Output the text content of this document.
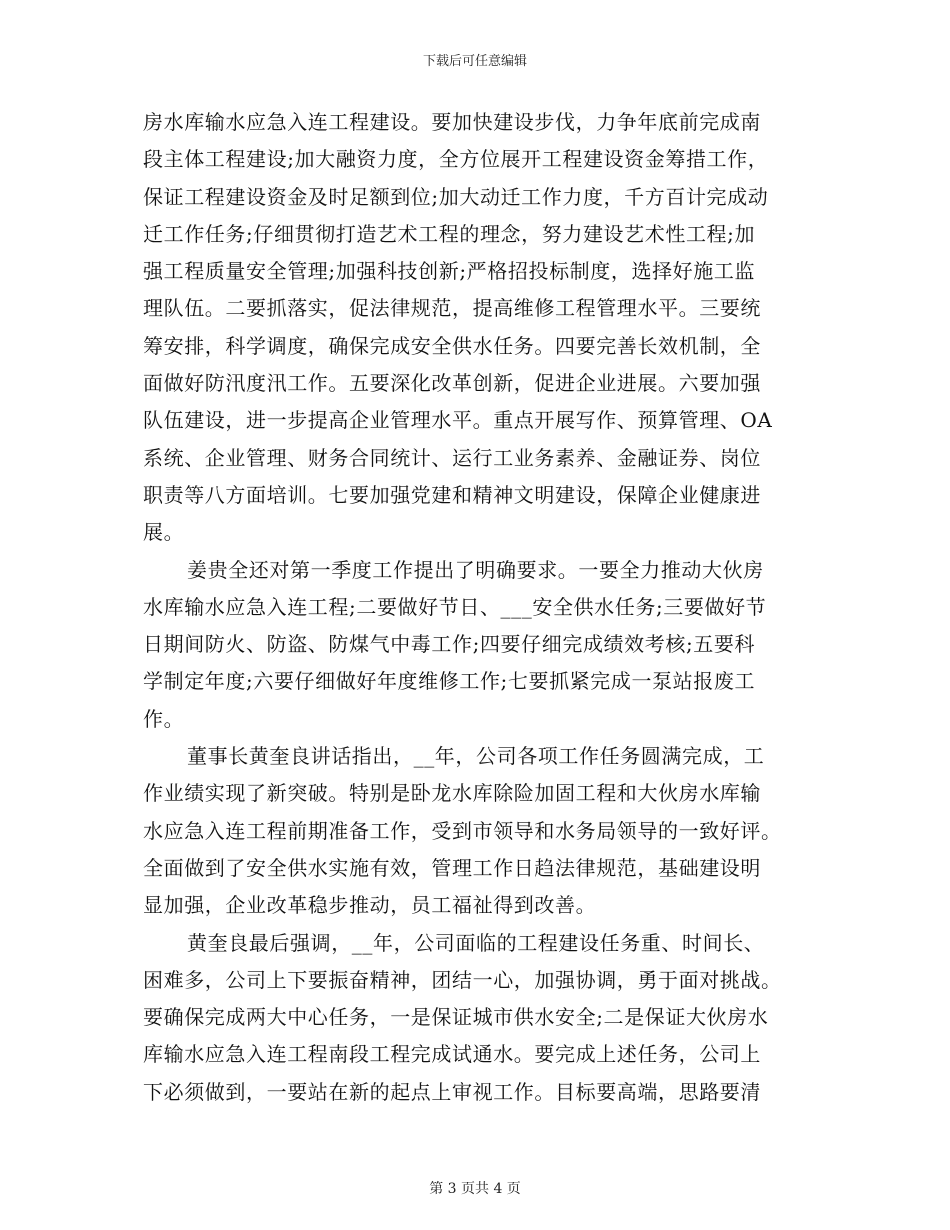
下载后可任意编辑
房水库输水应急入连工程建设。要加快建设步伐，力争年底前完成南
段主体工程建设;加大融资力度，全方位展开工程建设资金筹措工作，
保证工程建设资金及时足额到位;加大动迁工作力度，千方百计完成动
迁工作任务;仔细贯彻打造艺术工程的理念，努力建设艺术性工程;加
强工程质量安全管理;加强科技创新;严格招投标制度，选择好施工监
理队伍。二要抓落实，促法律规范，提高维修工程管理水平。三要统
筹安排，科学调度，确保完成安全供水任务。四要完善长效机制，全
面做好防汛度汛工作。五要深化改革创新，促进企业进展。六要加强
队伍建设，进一步提高企业管理水平。重点开展写作、预算管理、OA
系统、企业管理、财务合同统计、运行工业务素养、金融证券、岗位
职责等八方面培训。七要加强党建和精神文明建设，保障企业健康进
展。
姜贵全还对第一季度工作提出了明确要求。一要全力推动大伙房
水库输水应急入连工程;二要做好节日、___安全供水任务;三要做好节
日期间防火、防盗、防煤气中毒工作;四要仔细完成绩效考核;五要科
学制定年度;六要仔细做好年度维修工作;七要抓紧完成一泵站报废工
作。
董事长黄奎良讲话指出，__年，公司各项工作任务圆满完成，工
作业绩实现了新突破。特别是卧龙水库除险加固工程和大伙房水库输
水应急入连工程前期准备工作，受到市领导和水务局领导的一致好评。
全面做到了安全供水实施有效，管理工作日趋法律规范，基础建设明
显加强，企业改革稳步推动，员工福祉得到改善。
黄奎良最后强调，__年，公司面临的工程建设任务重、时间长、
困难多，公司上下要振奋精神，团结一心，加强协调，勇于面对挑战。
要确保完成两大中心任务，一是保证城市供水安全;二是保证大伙房水
库输水应急入连工程南段工程完成试通水。要完成上述任务，公司上
下必须做到，一要站在新的起点上审视工作。目标要高端，思路要清
第 3 页共 4 页
